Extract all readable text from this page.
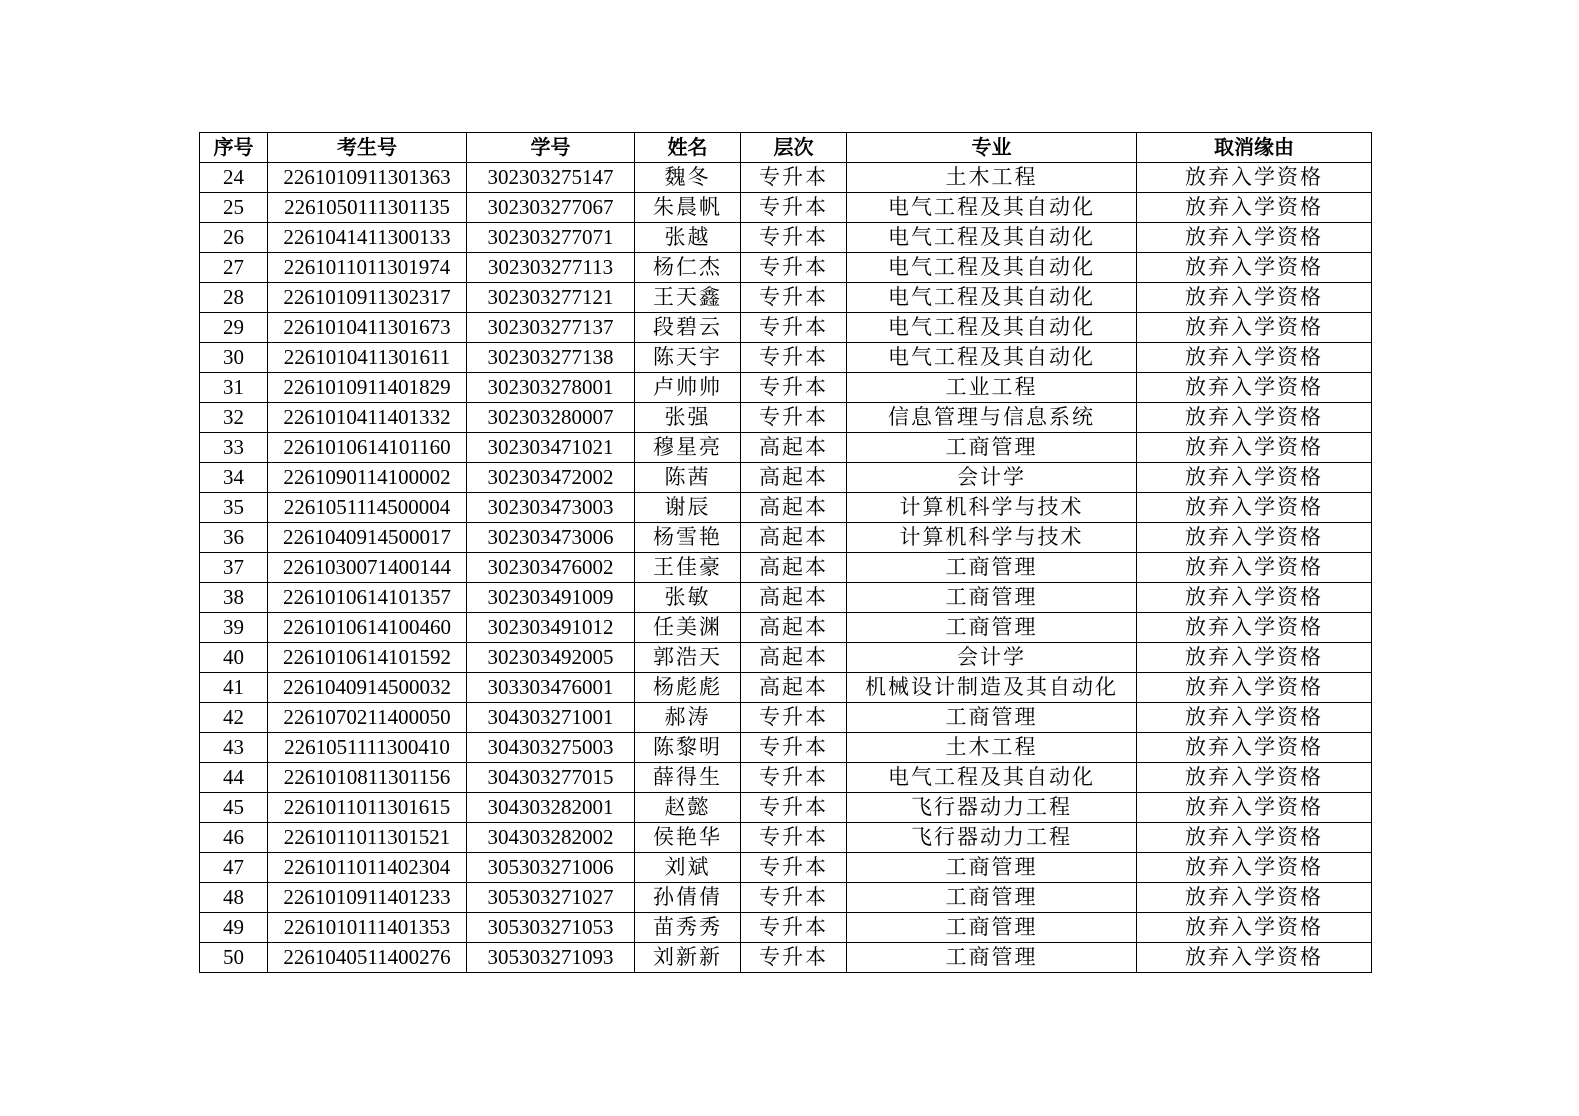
序号	考生号	学号	姓名	层次	专业	取消缘由
24	2261010911301363	302303275147	魏冬	专升本	土木工程	放弃入学资格
25	2261050111301135	302303277067	朱晨帆	专升本	电气工程及其自动化	放弃入学资格
26	2261041411300133	302303277071	张越	专升本	电气工程及其自动化	放弃入学资格
27	2261011011301974	302303277113	杨仁杰	专升本	电气工程及其自动化	放弃入学资格
28	2261010911302317	302303277121	王天鑫	专升本	电气工程及其自动化	放弃入学资格
29	2261010411301673	302303277137	段碧云	专升本	电气工程及其自动化	放弃入学资格
30	2261010411301611	302303277138	陈天宇	专升本	电气工程及其自动化	放弃入学资格
31	2261010911401829	302303278001	卢帅帅	专升本	工业工程	放弃入学资格
32	2261010411401332	302303280007	张强	专升本	信息管理与信息系统	放弃入学资格
33	2261010614101160	302303471021	穆星亮	高起本	工商管理	放弃入学资格
34	2261090114100002	302303472002	陈茜	高起本	会计学	放弃入学资格
35	2261051114500004	302303473003	谢辰	高起本	计算机科学与技术	放弃入学资格
36	2261040914500017	302303473006	杨雪艳	高起本	计算机科学与技术	放弃入学资格
37	2261030071400144	302303476002	王佳豪	高起本	工商管理	放弃入学资格
38	2261010614101357	302303491009	张敏	高起本	工商管理	放弃入学资格
39	2261010614100460	302303491012	任美渊	高起本	工商管理	放弃入学资格
40	2261010614101592	302303492005	郭浩天	高起本	会计学	放弃入学资格
41	2261040914500032	303303476001	杨彪彪	高起本	机械设计制造及其自动化	放弃入学资格
42	2261070211400050	304303271001	郝涛	专升本	工商管理	放弃入学资格
43	2261051111300410	304303275003	陈黎明	专升本	土木工程	放弃入学资格
44	2261010811301156	304303277015	薛得生	专升本	电气工程及其自动化	放弃入学资格
45	2261011011301615	304303282001	赵懿	专升本	飞行器动力工程	放弃入学资格
46	2261011011301521	304303282002	侯艳华	专升本	飞行器动力工程	放弃入学资格
47	2261011011402304	305303271006	刘斌	专升本	工商管理	放弃入学资格
48	2261010911401233	305303271027	孙倩倩	专升本	工商管理	放弃入学资格
49	2261010111401353	305303271053	苗秀秀	专升本	工商管理	放弃入学资格
50	2261040511400276	305303271093	刘新新	专升本	工商管理	放弃入学资格
